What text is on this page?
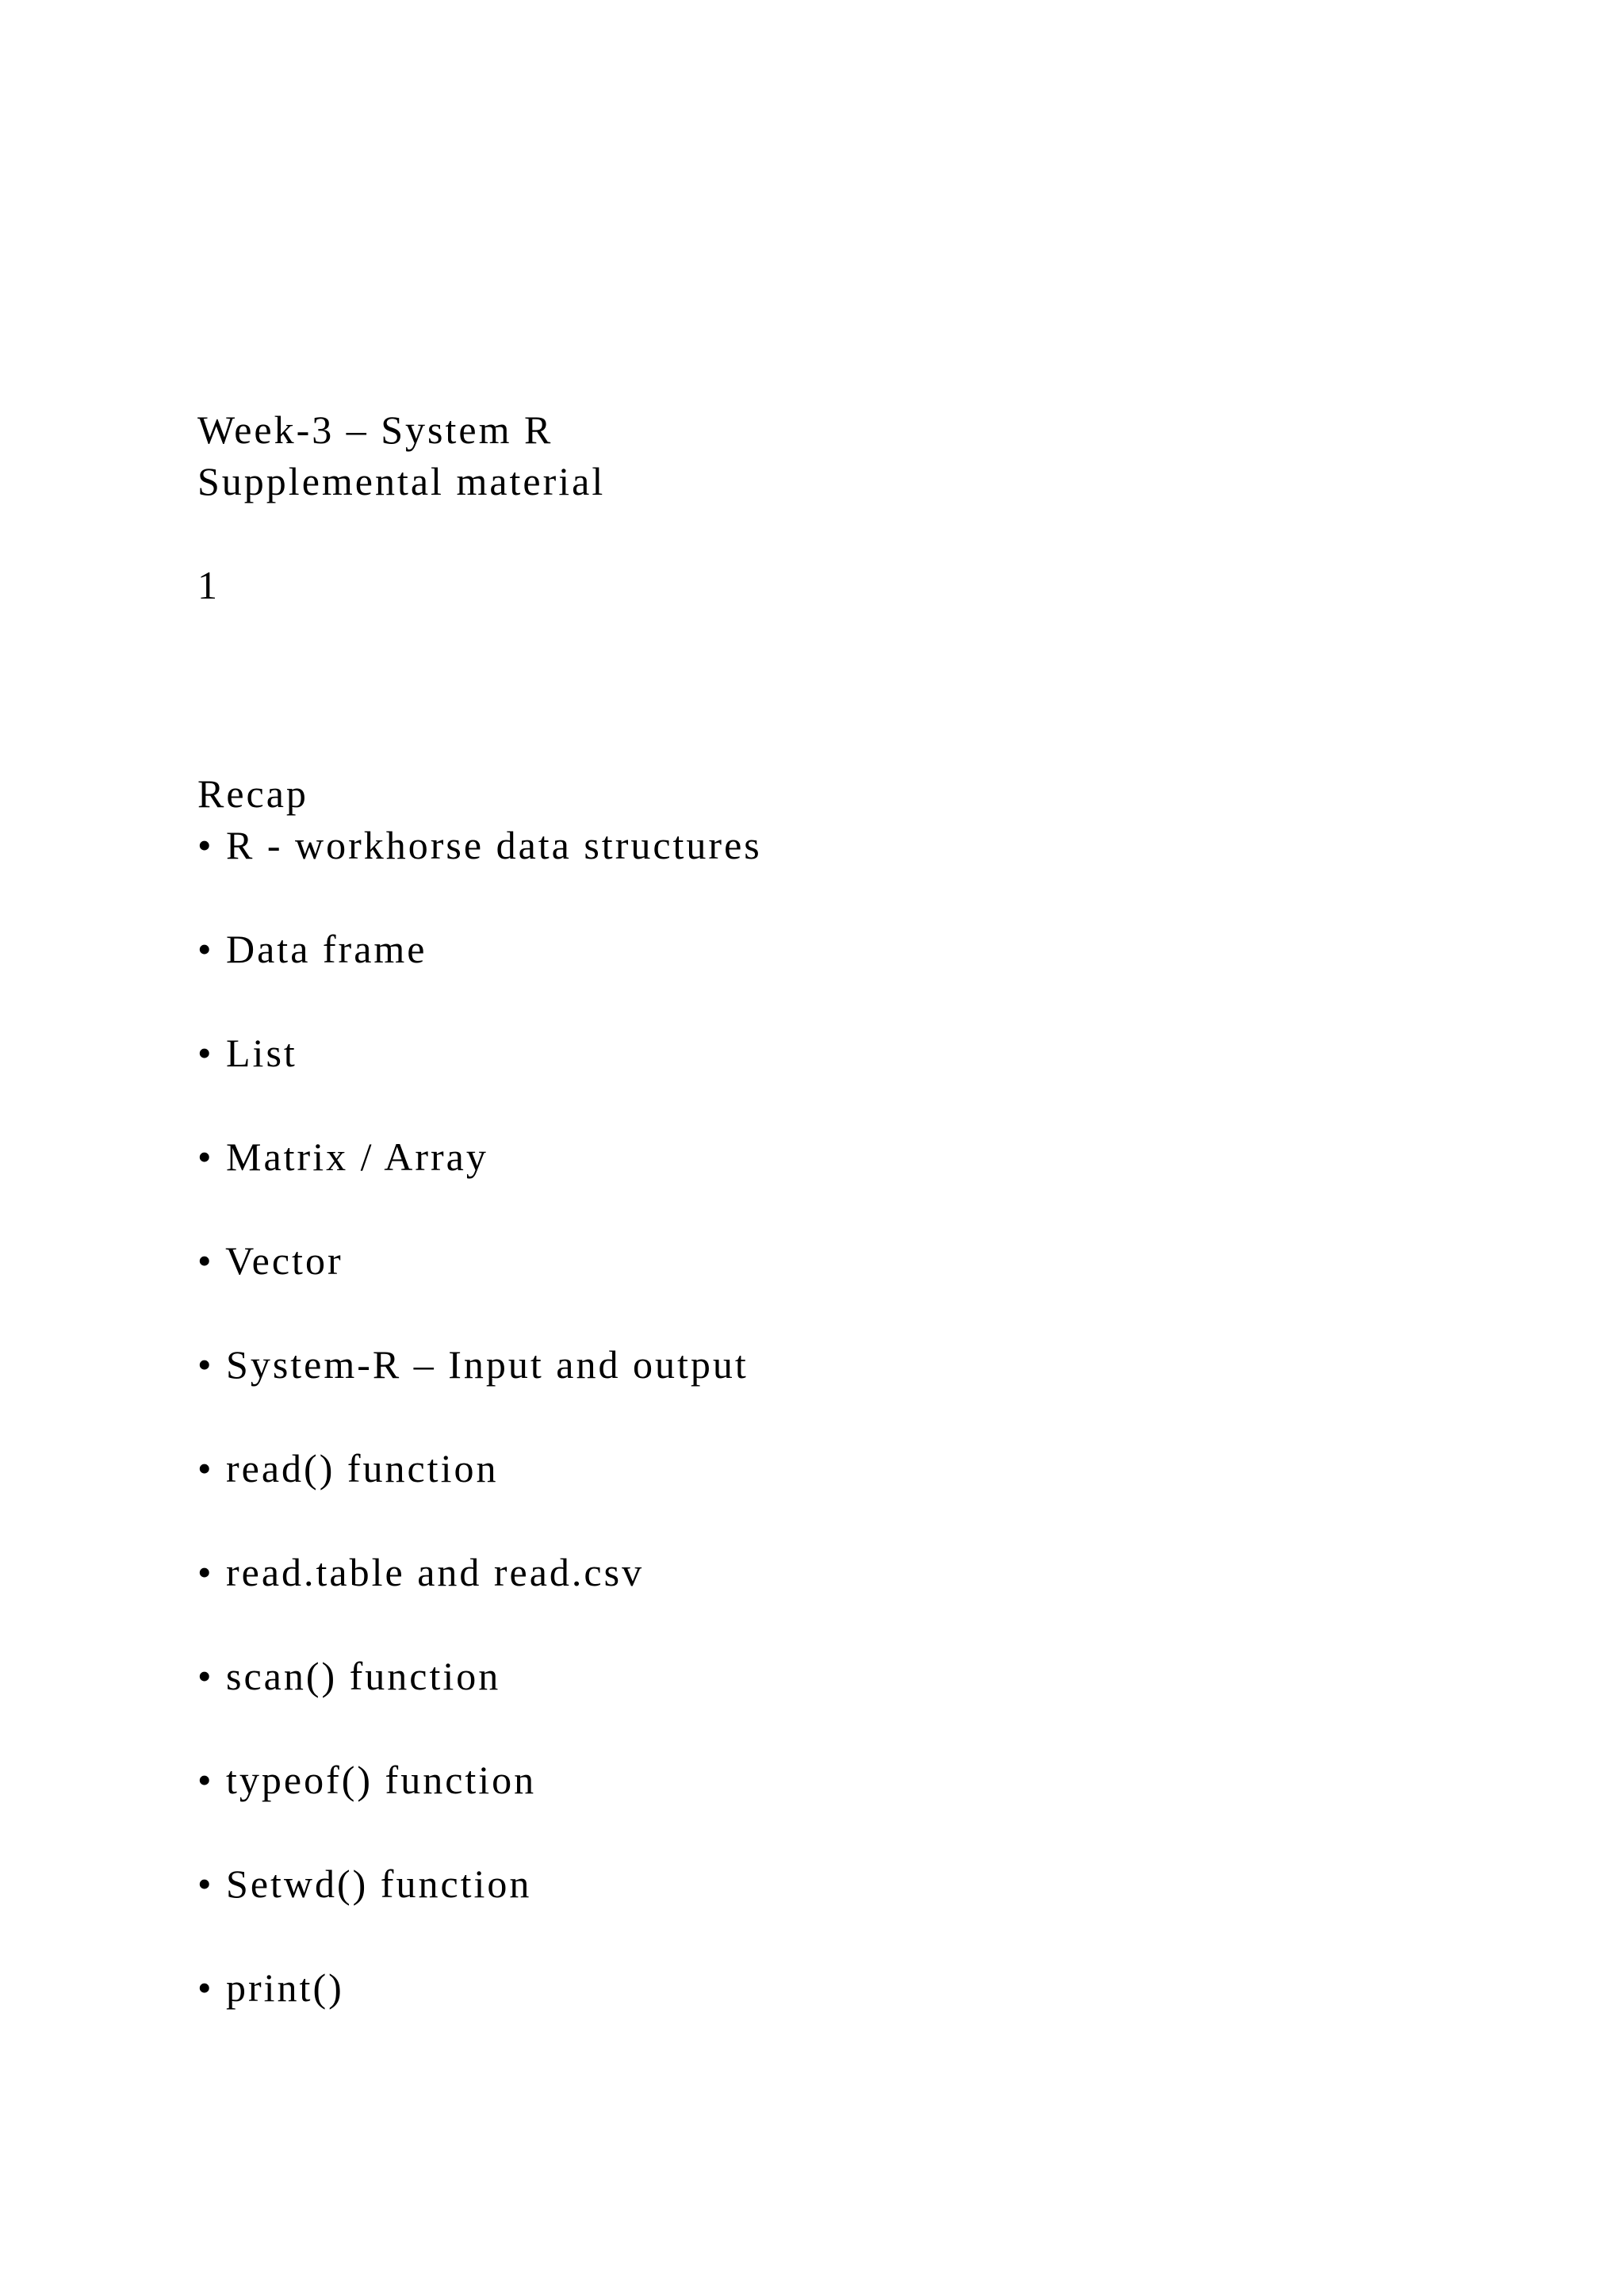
Week-3 – System R
Supplemental material
1
Recap
• R - workhorse data structures
• Data frame
• List
• Matrix / Array
• Vector
• System-R – Input and output
• read() function
• read.table and read.csv
• scan() function
• typeof() function
• Setwd() function
• print()
